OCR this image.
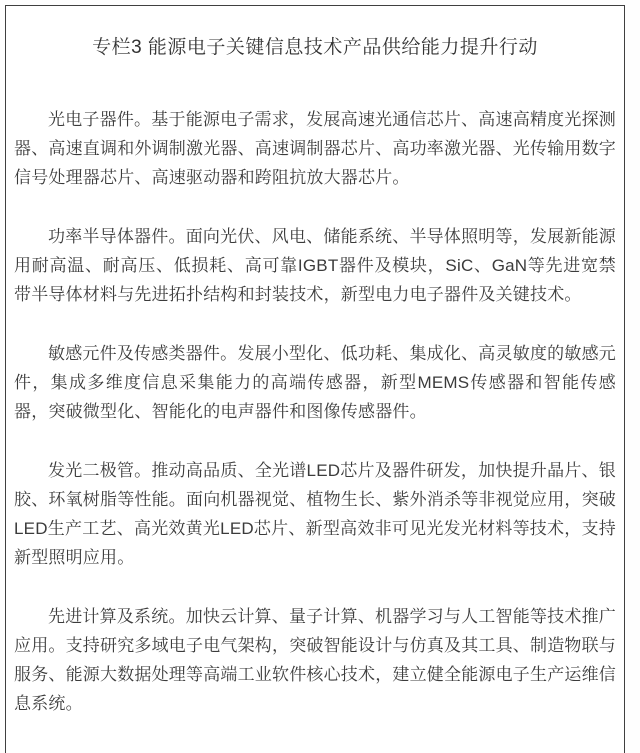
专栏3 能源电子关键信息技术产品供给能力提升行动

光电子器件。基于能源电子需求，发展高速光通信芯片、高速高精度光探测器、高速直调和外调制激光器、高速调制器芯片、高功率激光器、光传输用数字信号处理器芯片、高速驱动器和跨阻抗放大器芯片。

功率半导体器件。面向光伏、风电、储能系统、半导体照明等，发展新能源用耐高温、耐高压、低损耗、高可靠IGBT器件及模块，SiC、GaN等先进宽禁带半导体材料与先进拓扑结构和封装技术，新型电力电子器件及关键技术。

敏感元件及传感类器件。发展小型化、低功耗、集成化、高灵敏度的敏感元件，集成多维度信息采集能力的高端传感器，新型MEMS传感器和智能传感器，突破微型化、智能化的电声器件和图像传感器件。

发光二极管。推动高品质、全光谱LED芯片及器件研发，加快提升晶片、银胶、环氧树脂等性能。面向机器视觉、植物生长、紫外消杀等非视觉应用，突破LED生产工艺、高光效黄光LED芯片、新型高效非可见光发光材料等技术，支持新型照明应用。

先进计算及系统。加快云计算、量子计算、机器学习与人工智能等技术推广应用。支持研究多域电子电气架构，突破智能设计与仿真及其工具、制造物联与服务、能源大数据处理等高端工业软件核心技术，建立健全能源电子生产运维信息系统。
